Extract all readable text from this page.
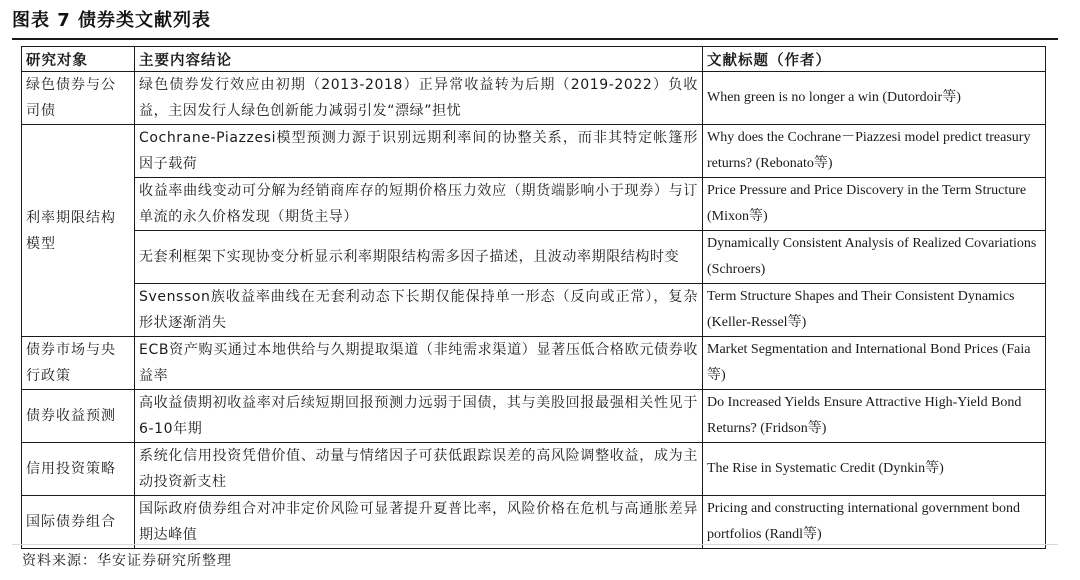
图表 7 债券类文献列表
研究对象	主要内容结论	文献标题（作者）
绿色债券与公司债	绿色债券发行效应由初期（2013-2018）正异常收益转为后期（2019-2022）负收益，主因发行人绿色创新能力减弱引发“漂绿”担忧	When green is no longer a win (Dutordoir等)
利率期限结构模型	Cochrane-Piazzesi模型预测力源于识别远期利率间的协整关系，而非其特定帐篷形因子载荷	Why does the Cochrane－Piazzesi model predict treasury returns? (Rebonato等)
	收益率曲线变动可分解为经销商库存的短期价格压力效应（期货端影响小于现券）与订单流的永久价格发现（期货主导）	Price Pressure and Price Discovery in the Term Structure (Mixon等)
	无套利框架下实现协变分析显示利率期限结构需多因子描述，且波动率期限结构时变	Dynamically Consistent Analysis of Realized Covariations (Schroers)
	Svensson族收益率曲线在无套利动态下长期仅能保持单一形态（反向或正常），复杂形状逐渐消失	Term Structure Shapes and Their Consistent Dynamics (Keller-Ressel等)
债券市场与央行政策	ECB资产购买通过本地供给与久期提取渠道（非纯需求渠道）显著压低合格欧元债券收益率	Market Segmentation and International Bond Prices (Faia等)
债券收益预测	高收益债期初收益率对后续短期回报预测力远弱于国债，其与美股回报最强相关性见于6-10年期	Do Increased Yields Ensure Attractive High-Yield Bond Returns? (Fridson等)
信用投资策略	系统化信用投资凭借价值、动量与情绪因子可获低跟踪误差的高风险调整收益，成为主动投资新支柱	The Rise in Systematic Credit (Dynkin等)
国际债券组合	国际政府债券组合对冲非定价风险可显著提升夏普比率，风险价格在危机与高通胀差异期达峰值	Pricing and constructing international government bond portfolios (Randl等)
资料来源：华安证券研究所整理
